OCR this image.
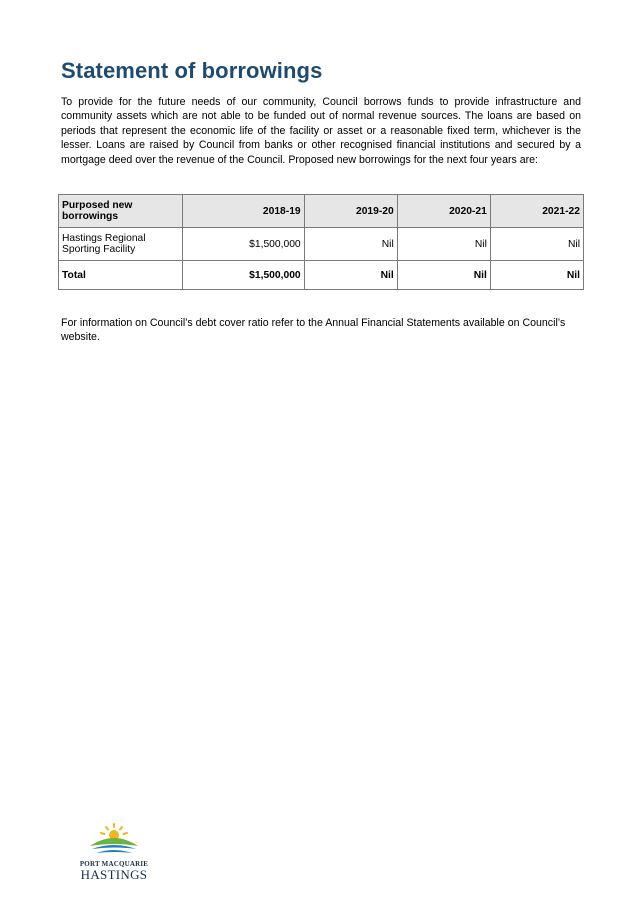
Statement of borrowings

To provide for the future needs of our community, Council borrows funds to provide infrastructure and community assets which are not able to be funded out of normal revenue sources. The loans are based on periods that represent the economic life of the facility or asset or a reasonable fixed term, whichever is the lesser. Loans are raised by Council from banks or other recognised financial institutions and secured by a mortgage deed over the revenue of the Council. Proposed new borrowings for the next four years are:

Purposed new borrowings	2018-19	2019-20	2020-21	2021-22
Hastings Regional Sporting Facility	$1,500,000	Nil	Nil	Nil
Total	$1,500,000	Nil	Nil	Nil

For information on Council’s debt cover ratio refer to the Annual Financial Statements available on Council’s website.

PORT MACQUARIE
HASTINGS
